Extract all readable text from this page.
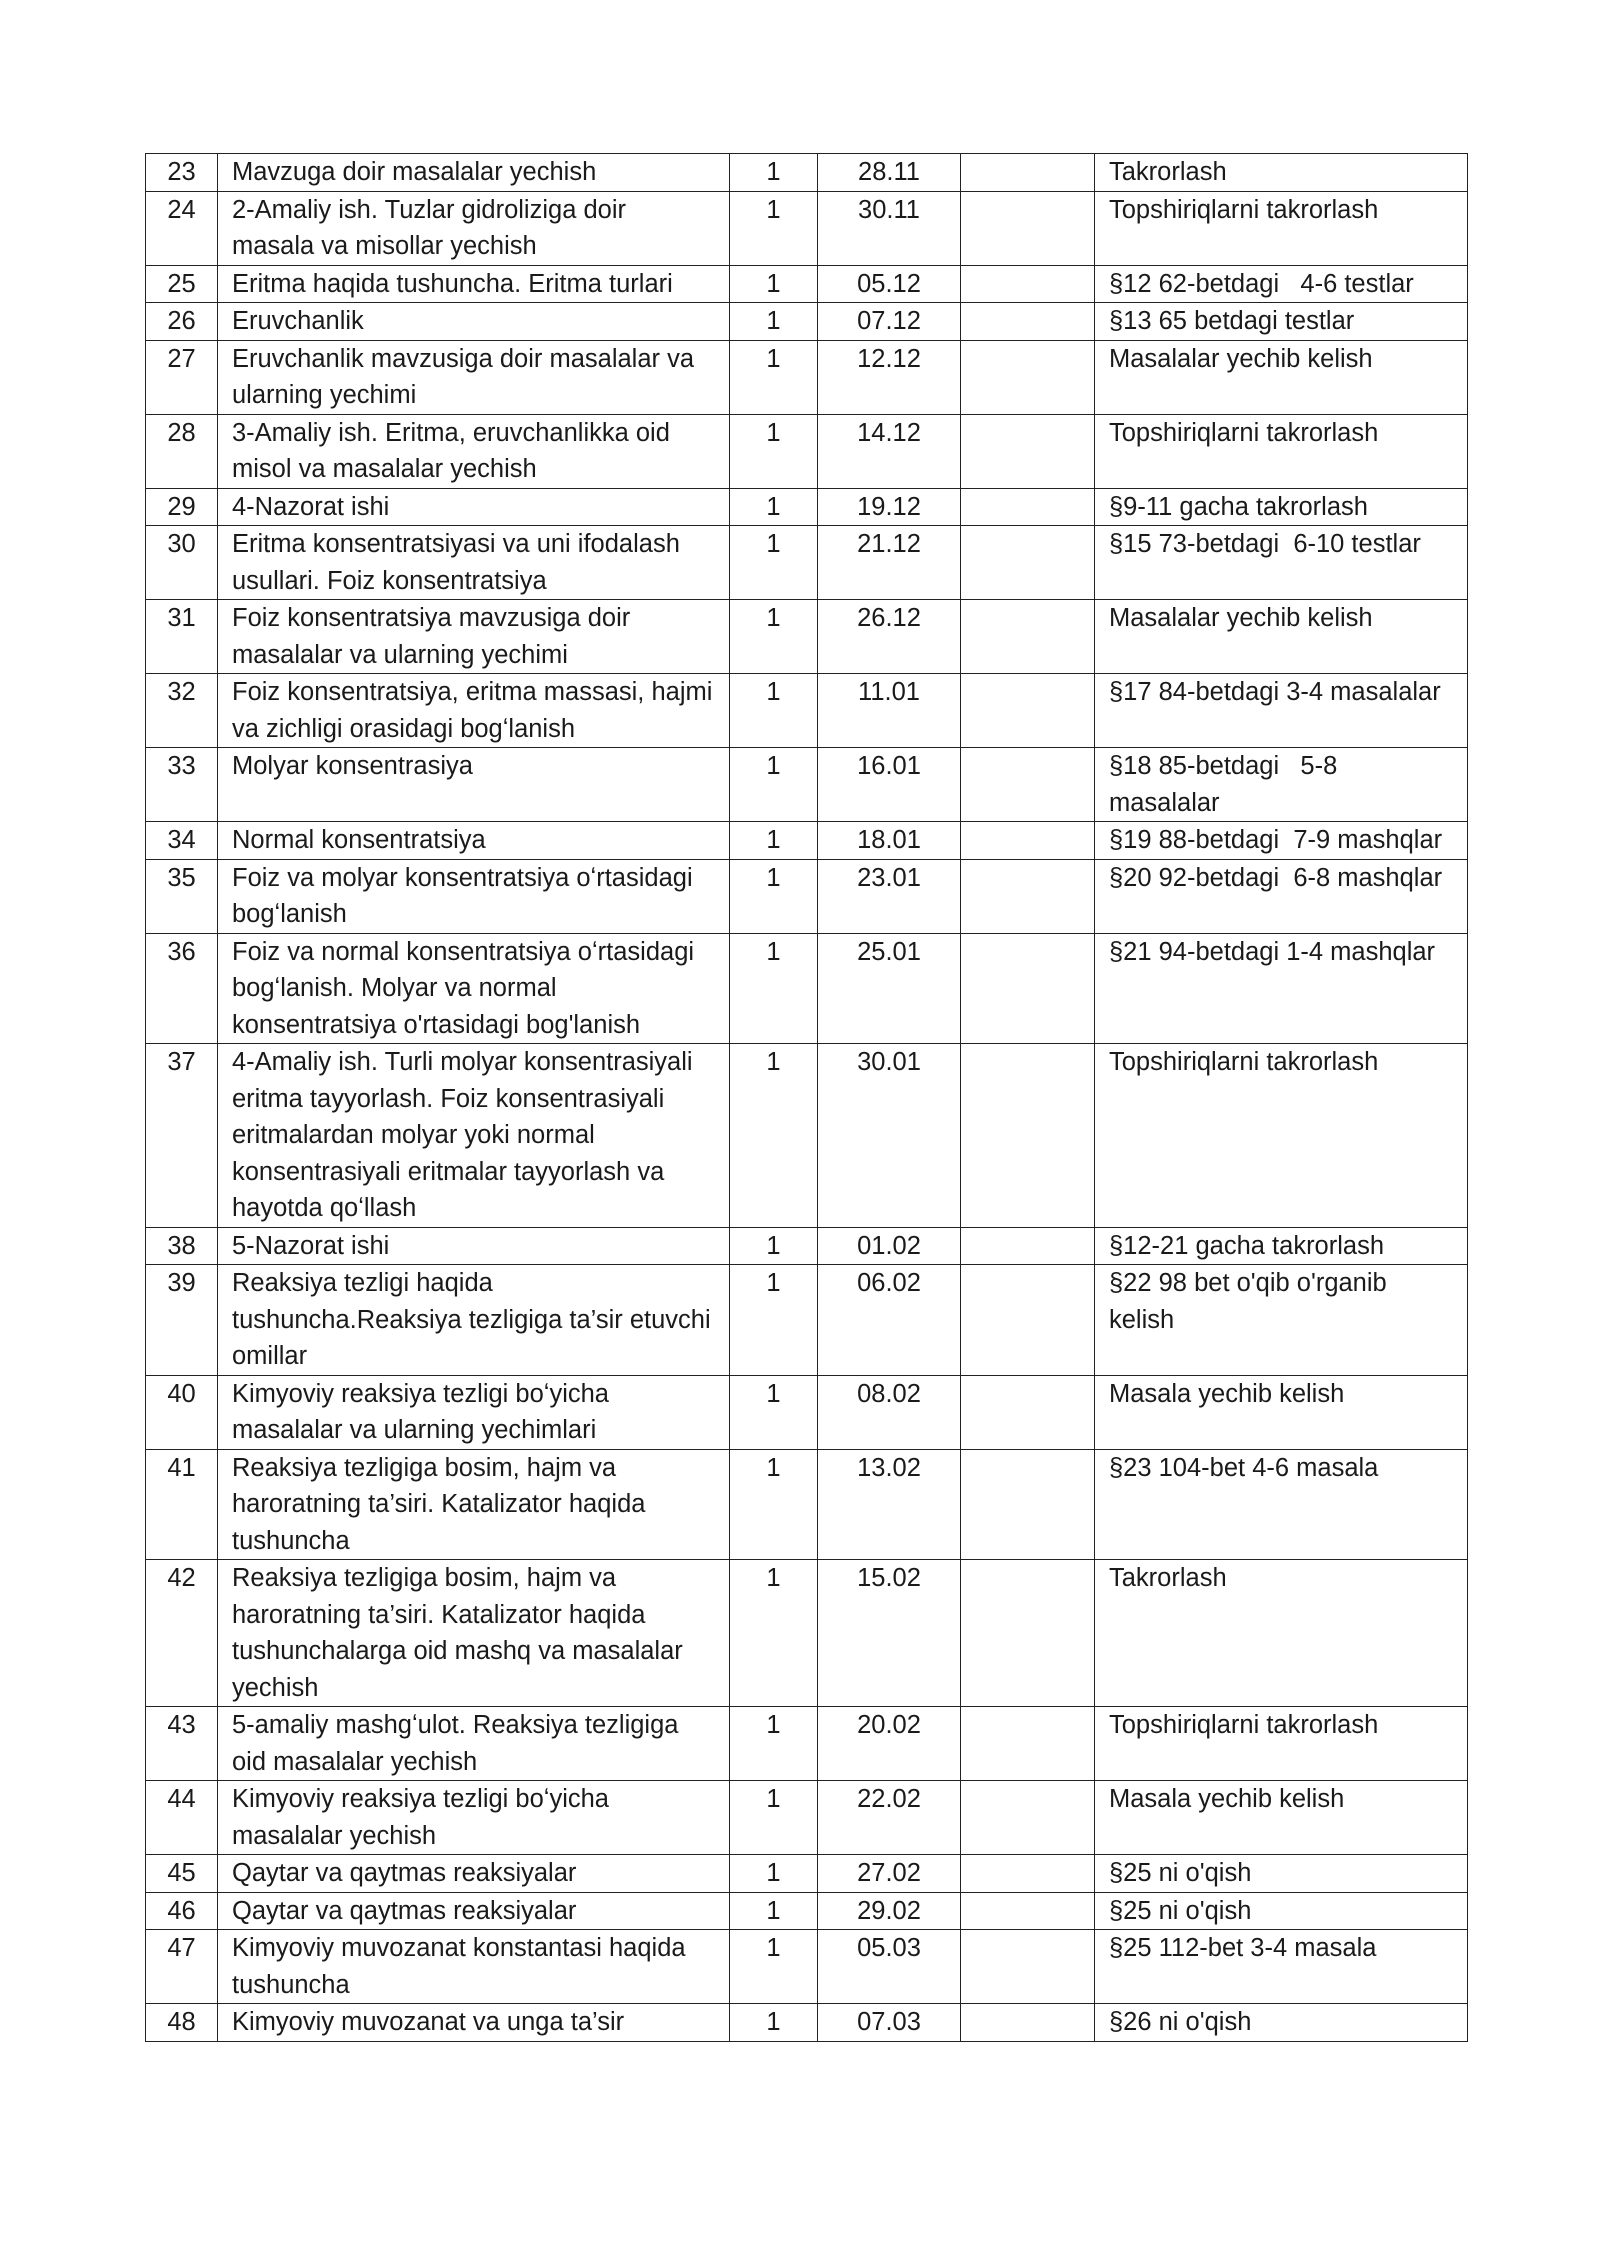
23	Mavzuga doir masalalar yechish	1	28.11		Takrorlash
24	2-Amaliy ish. Tuzlar gidroliziga doir masala va misollar yechish	1	30.11		Topshiriqlarni takrorlash
25	Eritma haqida tushuncha. Eritma turlari	1	05.12		§12 62-betdagi   4-6 testlar
26	Eruvchanlik	1	07.12		§13 65 betdagi testlar
27	Eruvchanlik mavzusiga doir masalalar va ularning yechimi	1	12.12		Masalalar yechib kelish
28	3-Amaliy ish. Eritma, eruvchanlikka oid misol va masalalar yechish	1	14.12		Topshiriqlarni takrorlash
29	4-Nazorat ishi	1	19.12		§9-11 gacha takrorlash
30	Eritma konsentratsiyasi va uni ifodalash usullari. Foiz konsentratsiya	1	21.12		§15 73-betdagi  6-10 testlar
31	Foiz konsentratsiya mavzusiga doir masalalar va ularning yechimi	1	26.12		Masalalar yechib kelish
32	Foiz konsentratsiya, eritma massasi, hajmi va zichligi orasidagi bogʻlanish	1	11.01		§17 84-betdagi 3-4 masalalar
33	Molyar konsentrasiya	1	16.01		§18 85-betdagi   5-8 masalalar
34	Normal konsentratsiya	1	18.01		§19 88-betdagi  7-9 mashqlar
35	Foiz va molyar konsentratsiya oʻrtasidagi bogʻlanish	1	23.01		§20 92-betdagi  6-8 mashqlar
36	Foiz va normal konsentratsiya oʻrtasidagi bogʻlanish. Molyar va normal konsentratsiya o'rtasidagi bog'lanish	1	25.01		§21 94-betdagi 1-4 mashqlar
37	4-Amaliy ish. Turli molyar konsentrasiyali eritma tayyorlash. Foiz konsentrasiyali eritmalardan molyar yoki normal konsentrasiyali eritmalar tayyorlash va hayotda qoʻllash	1	30.01		Topshiriqlarni takrorlash
38	5-Nazorat ishi	1	01.02		§12-21 gacha takrorlash
39	Reaksiya tezligi haqida tushuncha.Reaksiya tezligiga ta’sir etuvchi omillar	1	06.02		§22 98 bet o'qib o'rganib kelish
40	Kimyoviy reaksiya tezligi boʻyicha masalalar va ularning yechimlari	1	08.02		Masala yechib kelish
41	Reaksiya tezligiga bosim, hajm va haroratning ta’siri. Katalizator haqida tushuncha	1	13.02		§23 104-bet 4-6 masala
42	Reaksiya tezligiga bosim, hajm va haroratning ta’siri. Katalizator haqida tushunchalarga oid mashq va masalalar yechish	1	15.02		Takrorlash
43	5-amaliy mashgʻulot. Reaksiya tezligiga oid masalalar yechish	1	20.02		Topshiriqlarni takrorlash
44	Kimyoviy reaksiya tezligi boʻyicha masalalar yechish	1	22.02		Masala yechib kelish
45	Qaytar va qaytmas reaksiyalar	1	27.02		§25 ni o'qish
46	Qaytar va qaytmas reaksiyalar	1	29.02		§25 ni o'qish
47	Kimyoviy muvozanat konstantasi haqida tushuncha	1	05.03		§25 112-bet 3-4 masala
48	Kimyoviy muvozanat va unga ta’sir	1	07.03		§26 ni o'qish
